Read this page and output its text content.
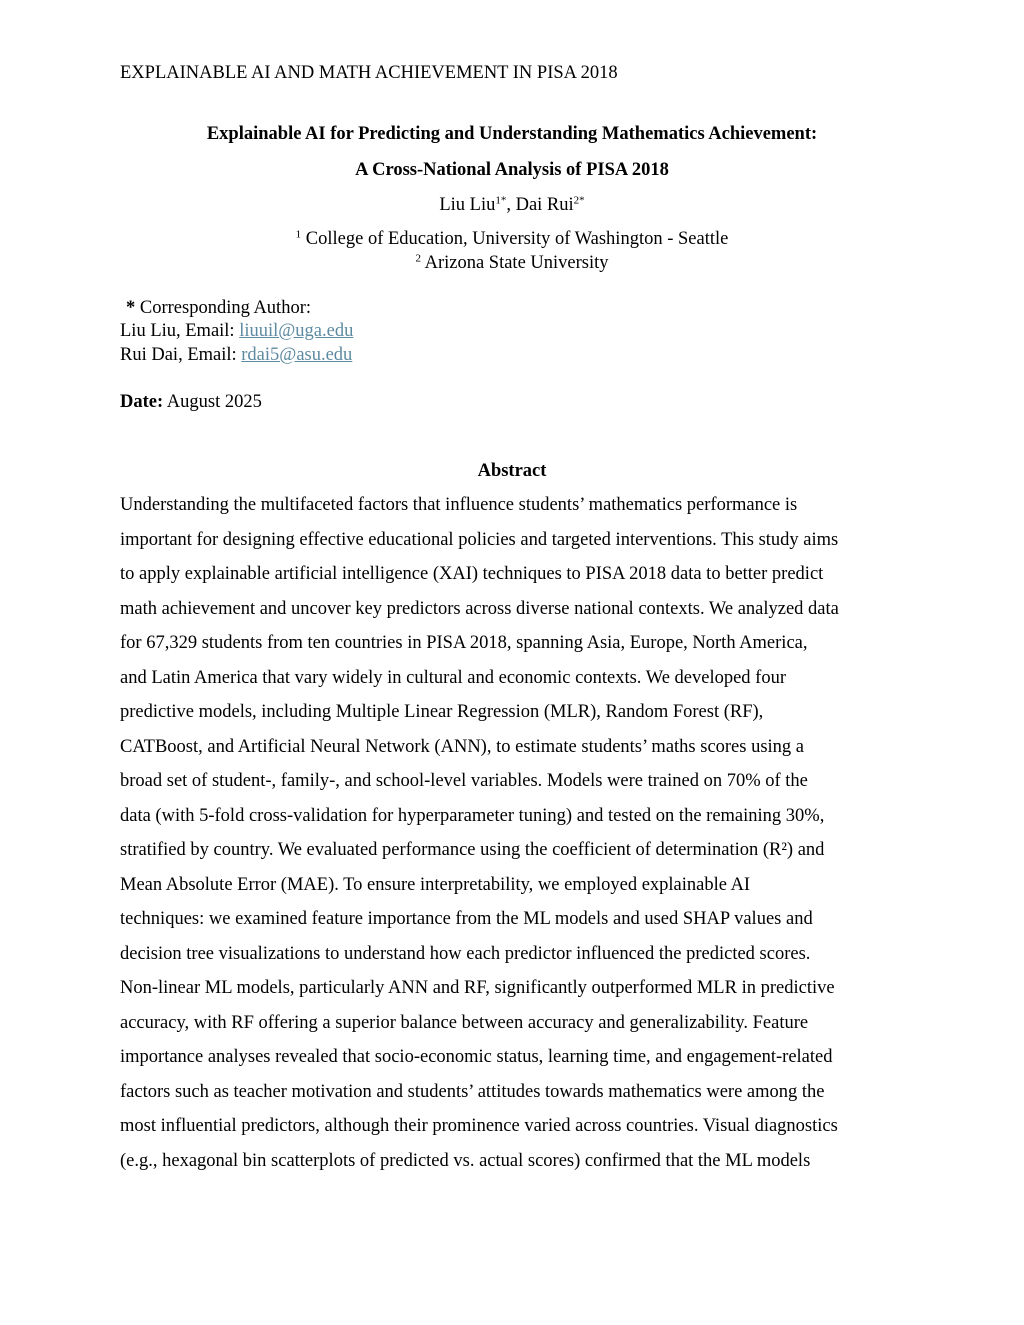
EXPLAINABLE AI AND MATH ACHIEVEMENT IN PISA 2018
Explainable AI for Predicting and Understanding Mathematics Achievement:
A Cross-National Analysis of PISA 2018
Liu Liu$^{1*}$, Dai Rui$^{2*}$
$^1$ College of Education, University of Washington - Seattle
$^2$ Arizona State University
* Corresponding Author:
Liu Liu, Email: liuuil@uga.edu
Rui Dai, Email: rdai5@asu.edu
Date: August 2025
Abstract
Understanding the multifaceted factors that influence students’ mathematics performance is
important for designing effective educational policies and targeted interventions. This study aims
to apply explainable artificial intelligence (XAI) techniques to PISA 2018 data to better predict
math achievement and uncover key predictors across diverse national contexts. We analyzed data
for 67,329 students from ten countries in PISA 2018, spanning Asia, Europe, North America,
and Latin America that vary widely in cultural and economic contexts. We developed four
predictive models, including Multiple Linear Regression (MLR), Random Forest (RF),
CATBoost, and Artificial Neural Network (ANN), to estimate students’ maths scores using a
broad set of student-, family-, and school-level variables. Models were trained on 70% of the
data (with 5-fold cross-validation for hyperparameter tuning) and tested on the remaining 30%,
stratified by country. We evaluated performance using the coefficient of determination (R²) and
Mean Absolute Error (MAE). To ensure interpretability, we employed explainable AI
techniques: we examined feature importance from the ML models and used SHAP values and
decision tree visualizations to understand how each predictor influenced the predicted scores.
Non-linear ML models, particularly ANN and RF, significantly outperformed MLR in predictive
accuracy, with RF offering a superior balance between accuracy and generalizability. Feature
importance analyses revealed that socio-economic status, learning time, and engagement-related
factors such as teacher motivation and students’ attitudes towards mathematics were among the
most influential predictors, although their prominence varied across countries. Visual diagnostics
(e.g., hexagonal bin scatterplots of predicted vs. actual scores) confirmed that the ML models
